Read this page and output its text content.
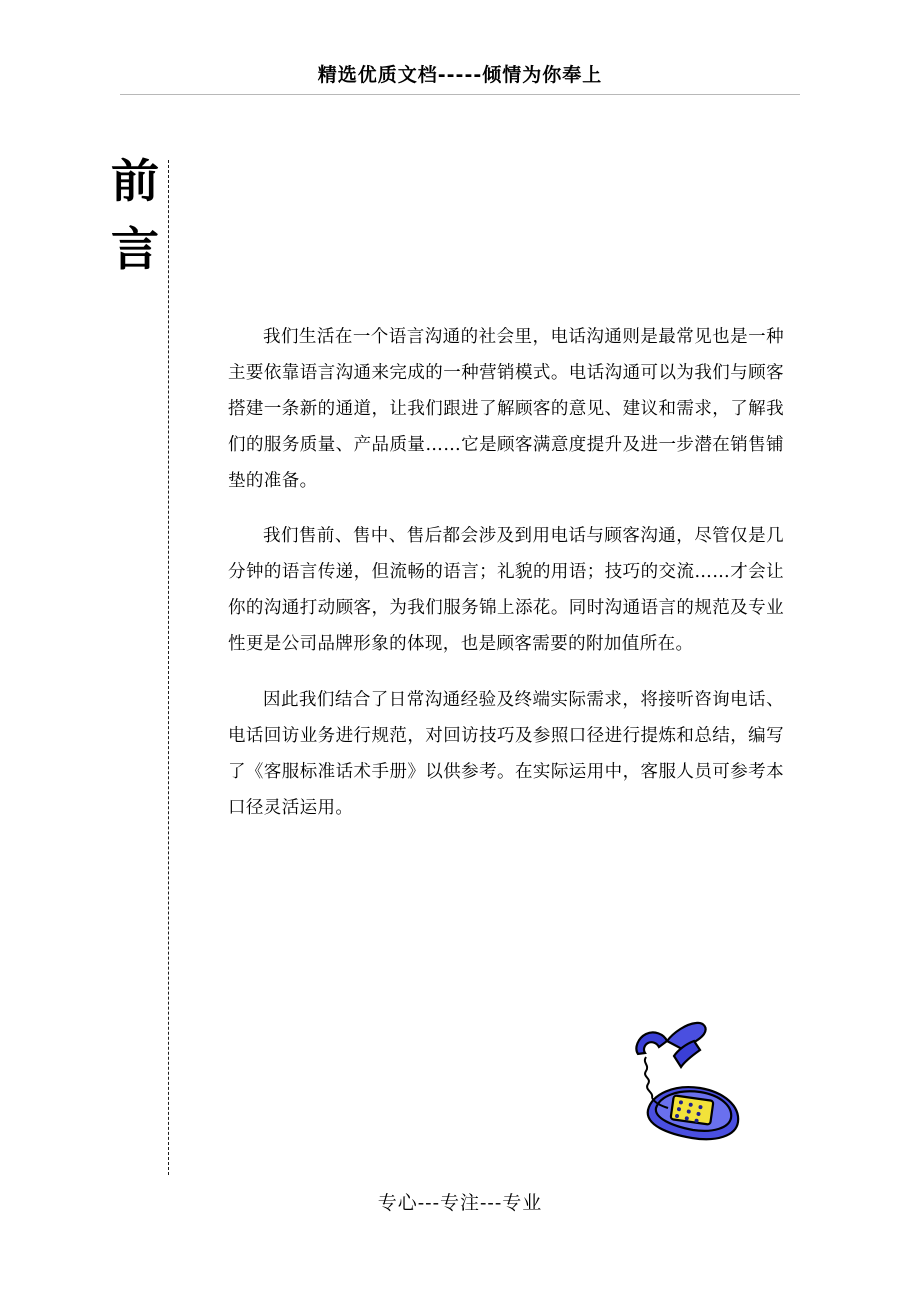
精选优质文档-----倾情为你奉上
前
言

我们生活在一个语言沟通的社会里，电话沟通则是最常见也是一种主要依靠语言沟通来完成的一种营销模式。电话沟通可以为我们与顾客搭建一条新的通道，让我们跟进了解顾客的意见、建议和需求，了解我们的服务质量、产品质量……它是顾客满意度提升及进一步潜在销售铺垫的准备。

我们售前、售中、售后都会涉及到用电话与顾客沟通，尽管仅是几分钟的语言传递，但流畅的语言；礼貌的用语；技巧的交流……才会让你的沟通打动顾客，为我们服务锦上添花。同时沟通语言的规范及专业性更是公司品牌形象的体现，也是顾客需要的附加值所在。

因此我们结合了日常沟通经验及终端实际需求，将接听咨询电话、电话回访业务进行规范，对回访技巧及参照口径进行提炼和总结，编写了《客服标准话术手册》以供参考。在实际运用中，客服人员可参考本口径灵活运用。

专心---专注---专业
